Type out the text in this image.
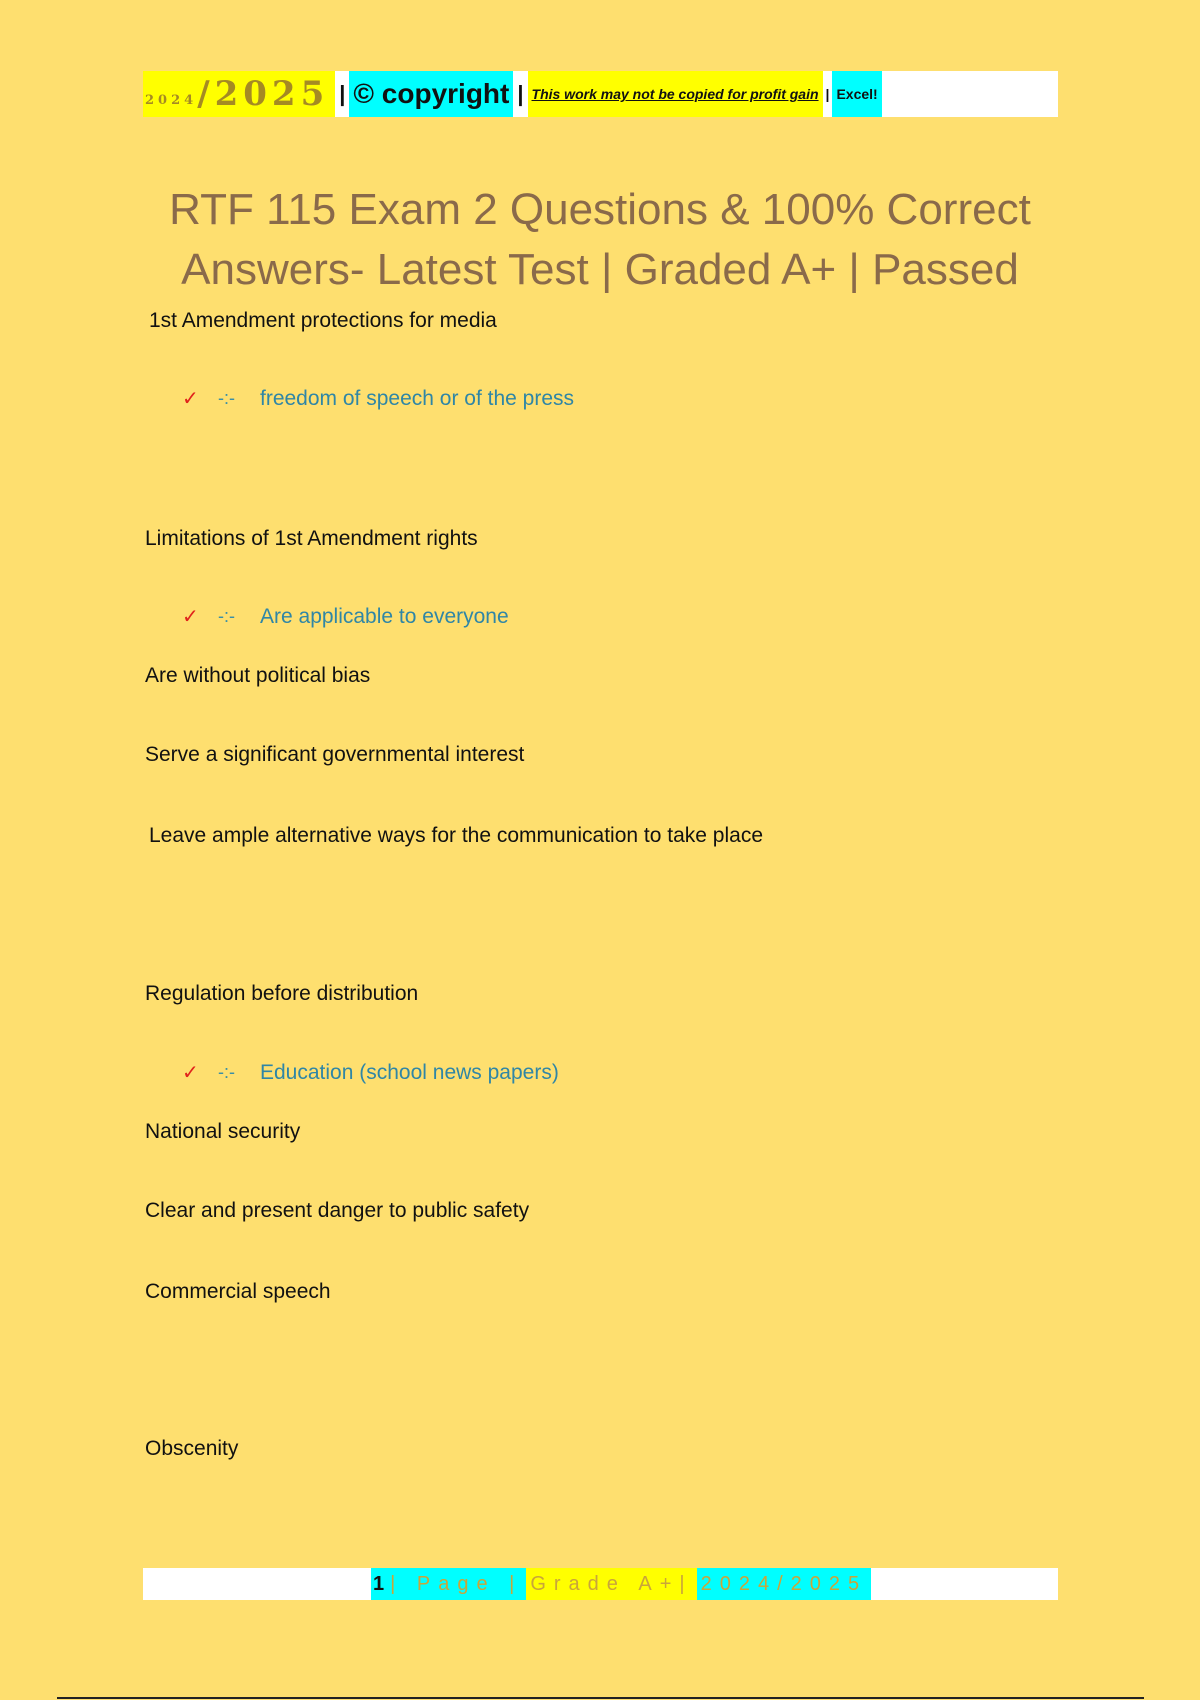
2024 /2025 | © copyright | This work may not be copied for profit gain | Excel!
RTF 115 Exam 2 Questions & 100% Correct
Answers- Latest Test | Graded A+ | Passed
1st Amendment protections for media
✓	-:-	freedom of speech or of the press
Limitations of 1st Amendment rights
✓	-:-	Are applicable to everyone
Are without political bias
Serve a significant governmental interest
Leave ample alternative ways for the communication to take place
Regulation before distribution
✓	-:-	Education (school news papers)
National security
Clear and present danger to public safety
Commercial speech
Obscenity
1 | Page | Grade A+| 2024/2025
